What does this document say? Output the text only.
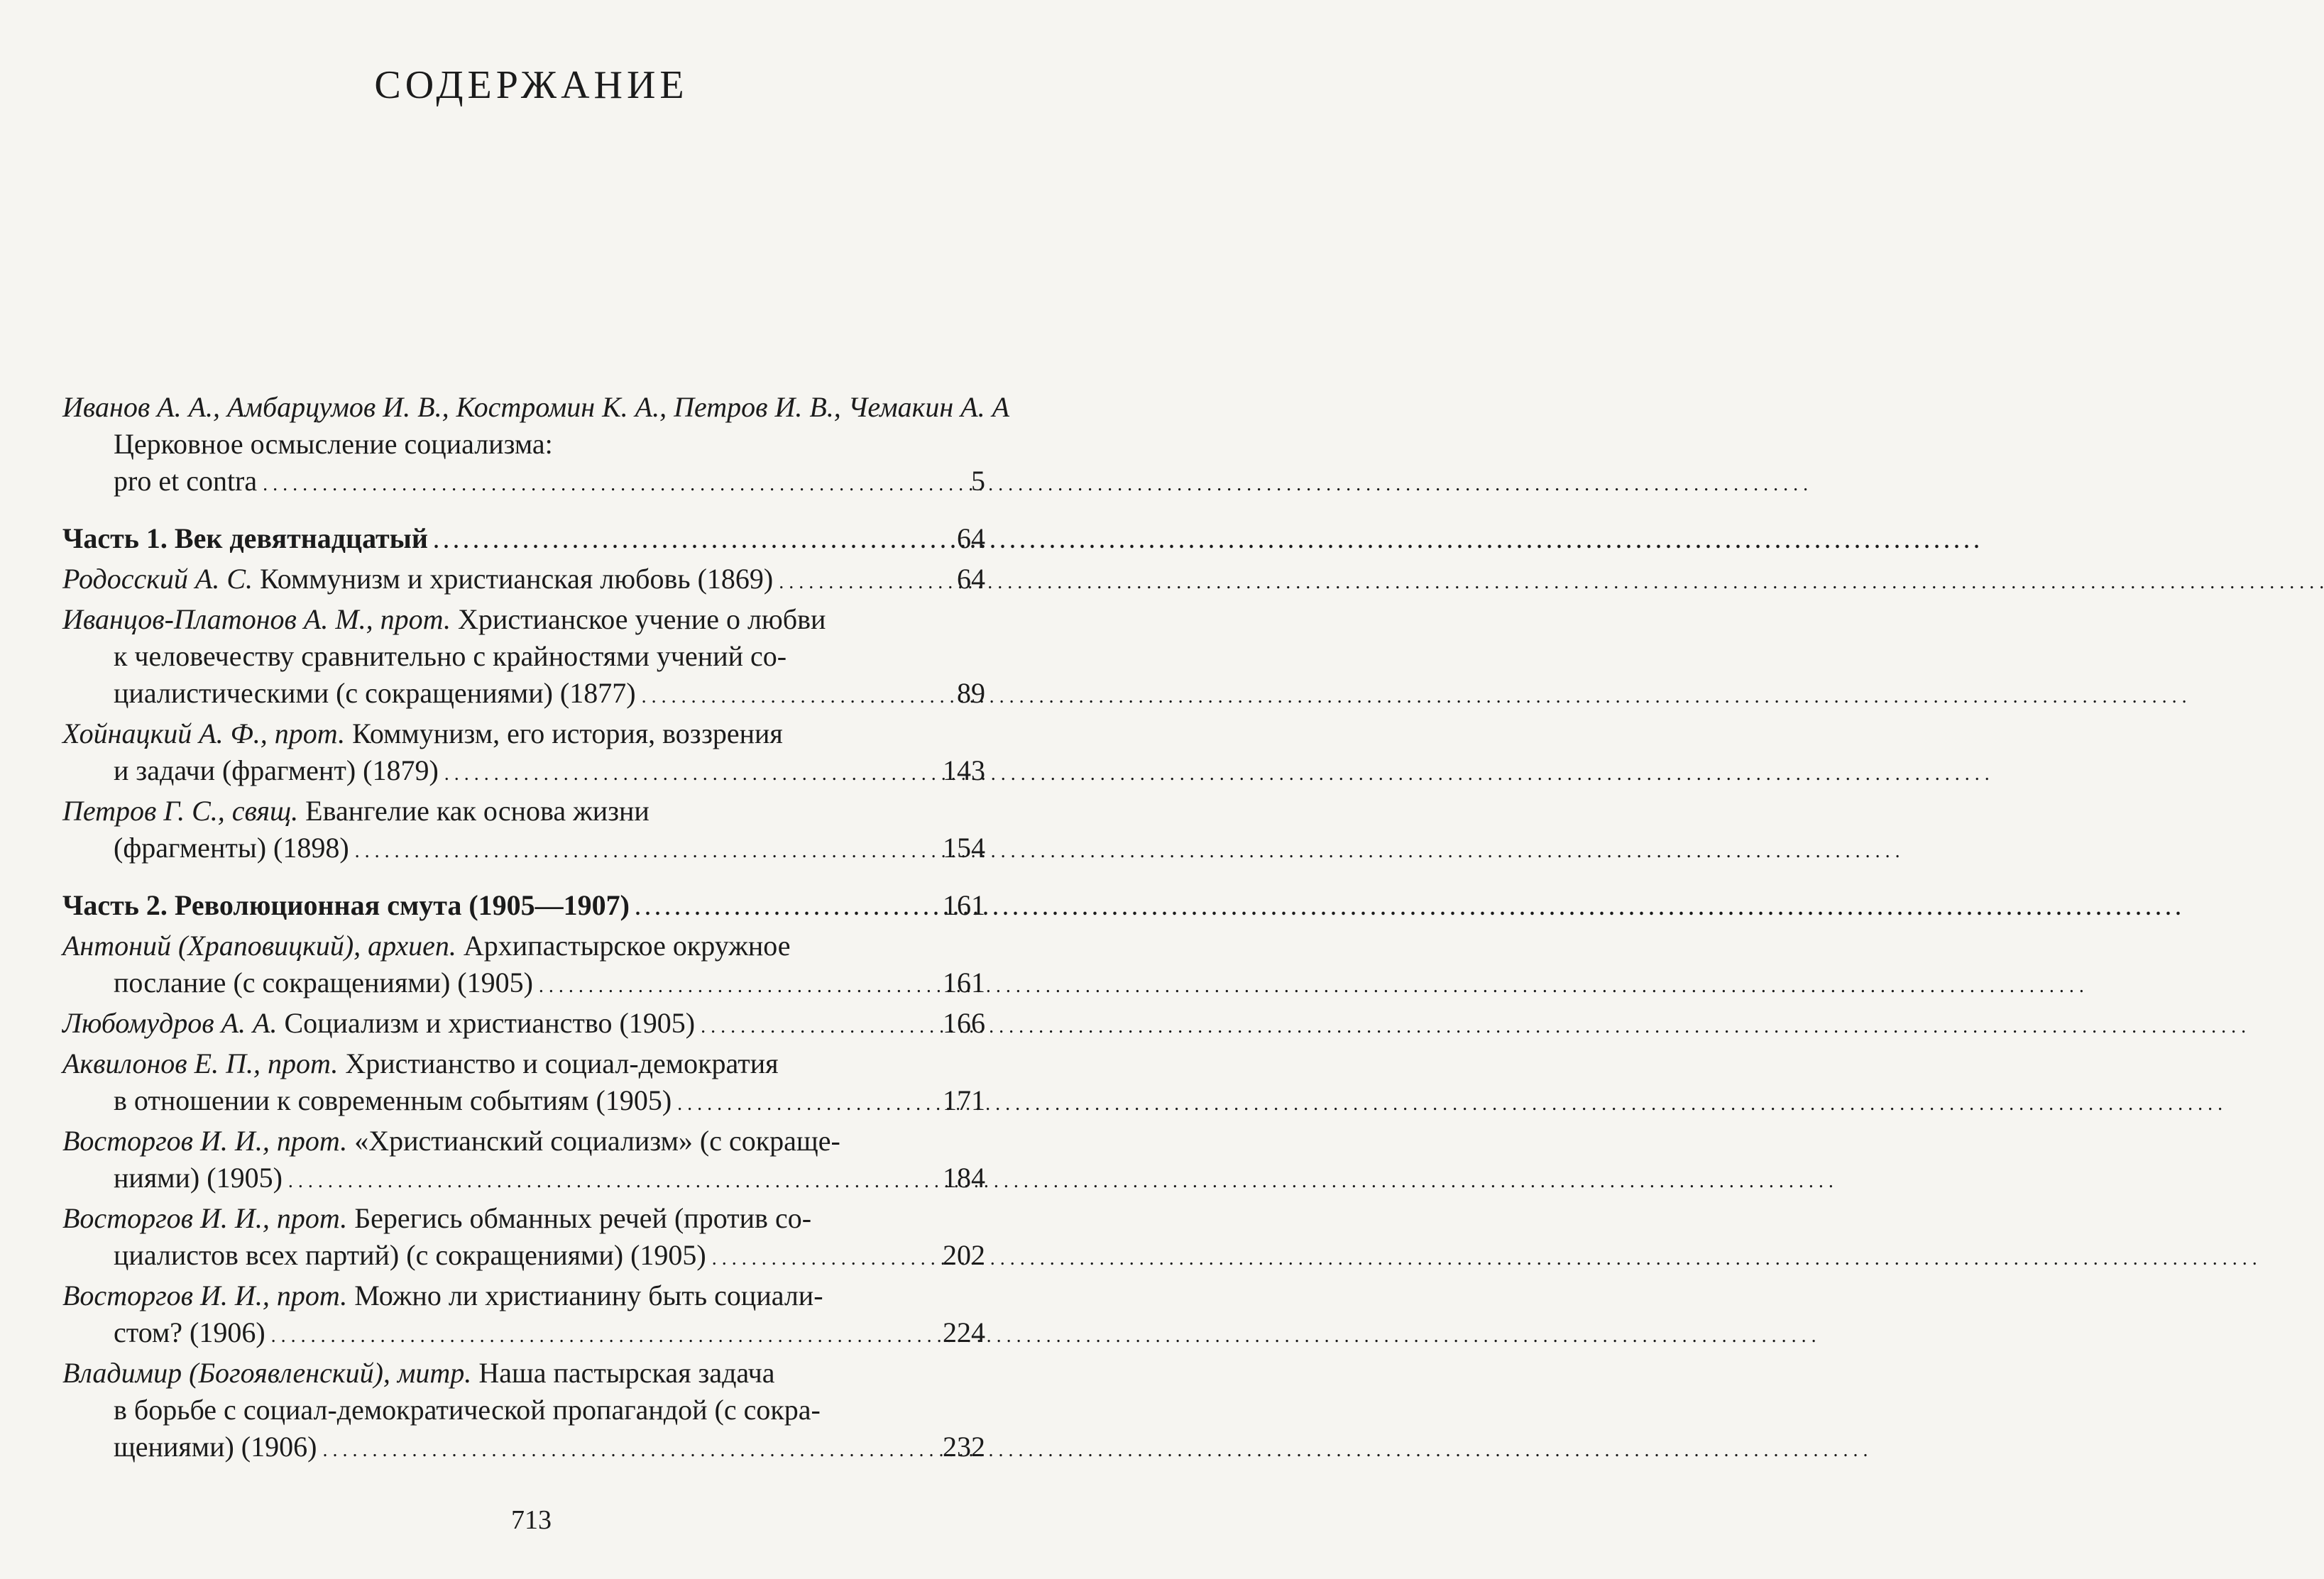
СОДЕРЖАНИЕ
Иванов А. А., Амбарцумов И. В., Костромин К. А., Петров И. В., Чемакин А. А
Церковное осмысление социализма:
pro et contra . . .	5
Часть 1. Век девятнадцатый . . .	64
Родосский А. С. Коммунизм и христианская любовь (1869) . . .	64
Иванцов-Платонов А. М., прот. Христианское учение о любви
к человечеству сравнительно с крайностями учений со-
циалистическими (с сокращениями) (1877) . . .	89
Хойнацкий А. Ф., прот. Коммунизм, его история, воззрения
и задачи (фрагмент) (1879) . . .	143
Петров Г. С., свящ. Евангелие как основа жизни
(фрагменты) (1898) . . .	154
Часть 2. Революционная смута (1905—1907) . . .	161
Антоний (Храповицкий), архиеп. Архипастырское окружное
послание (с сокращениями) (1905) . . .	161
Любомудров А. А. Социализм и христианство (1905) . . .	166
Аквилонов Е. П., прот. Христианство и социал-демократия
в отношении к современным событиям (1905) . . .	171
Восторгов И. И., прот. «Христианский социализм» (с сокраще-
ниями) (1905) . . .	184
Восторгов И. И., прот. Берегись обманных речей (против со-
циалистов всех партий) (с сокращениями) (1905) . . .	202
Восторгов И. И., прот. Можно ли христианину быть социали-
стом? (1906) . . .	224
Владимир (Богоявленский), митр. Наша пастырская задача
в борьбе с социал-демократической пропагандой (с сокра-
щениями) (1906) . . .	232
713
